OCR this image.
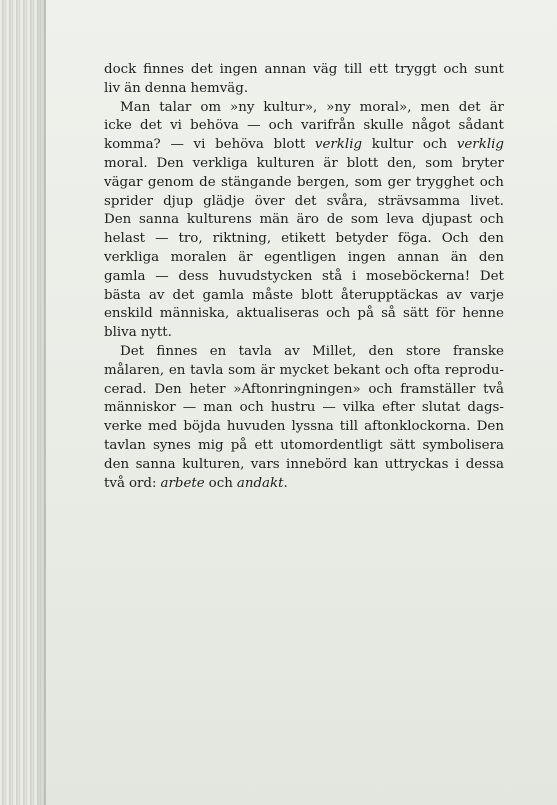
dock finnes det ingen annan väg till ett tryggt och sunt
liv än denna hemväg.
Man talar om »ny kultur», »ny moral», men det är
icke det vi behöva — och varifrån skulle något sådant
komma? — vi behöva blott verklig kultur och verklig
moral. Den verkliga kulturen är blott den, som bryter
vägar genom de stängande bergen, som ger trygghet och
sprider djup glädje över det svåra, strävsamma livet.
Den sanna kulturens män äro de som leva djupast och
helast — tro, riktning, etikett betyder föga. Och den
verkliga moralen är egentligen ingen annan än den
gamla — dess huvudstycken stå i moseböckerna! Det
bästa av det gamla måste blott återupptäckas av varje
enskild människa, aktualiseras och på så sätt för henne
bliva nytt.
Det finnes en tavla av Millet, den store franske
målaren, en tavla som är mycket bekant och ofta reprodu-
cerad. Den heter »Aftonringningen» och framställer två
människor — man och hustru — vilka efter slutat dags-
verke med böjda huvuden lyssna till aftonklockorna. Den
tavlan synes mig på ett utomordentligt sätt symbolisera
den sanna kulturen, vars innebörd kan uttryckas i dessa
två ord: arbete och andakt.
